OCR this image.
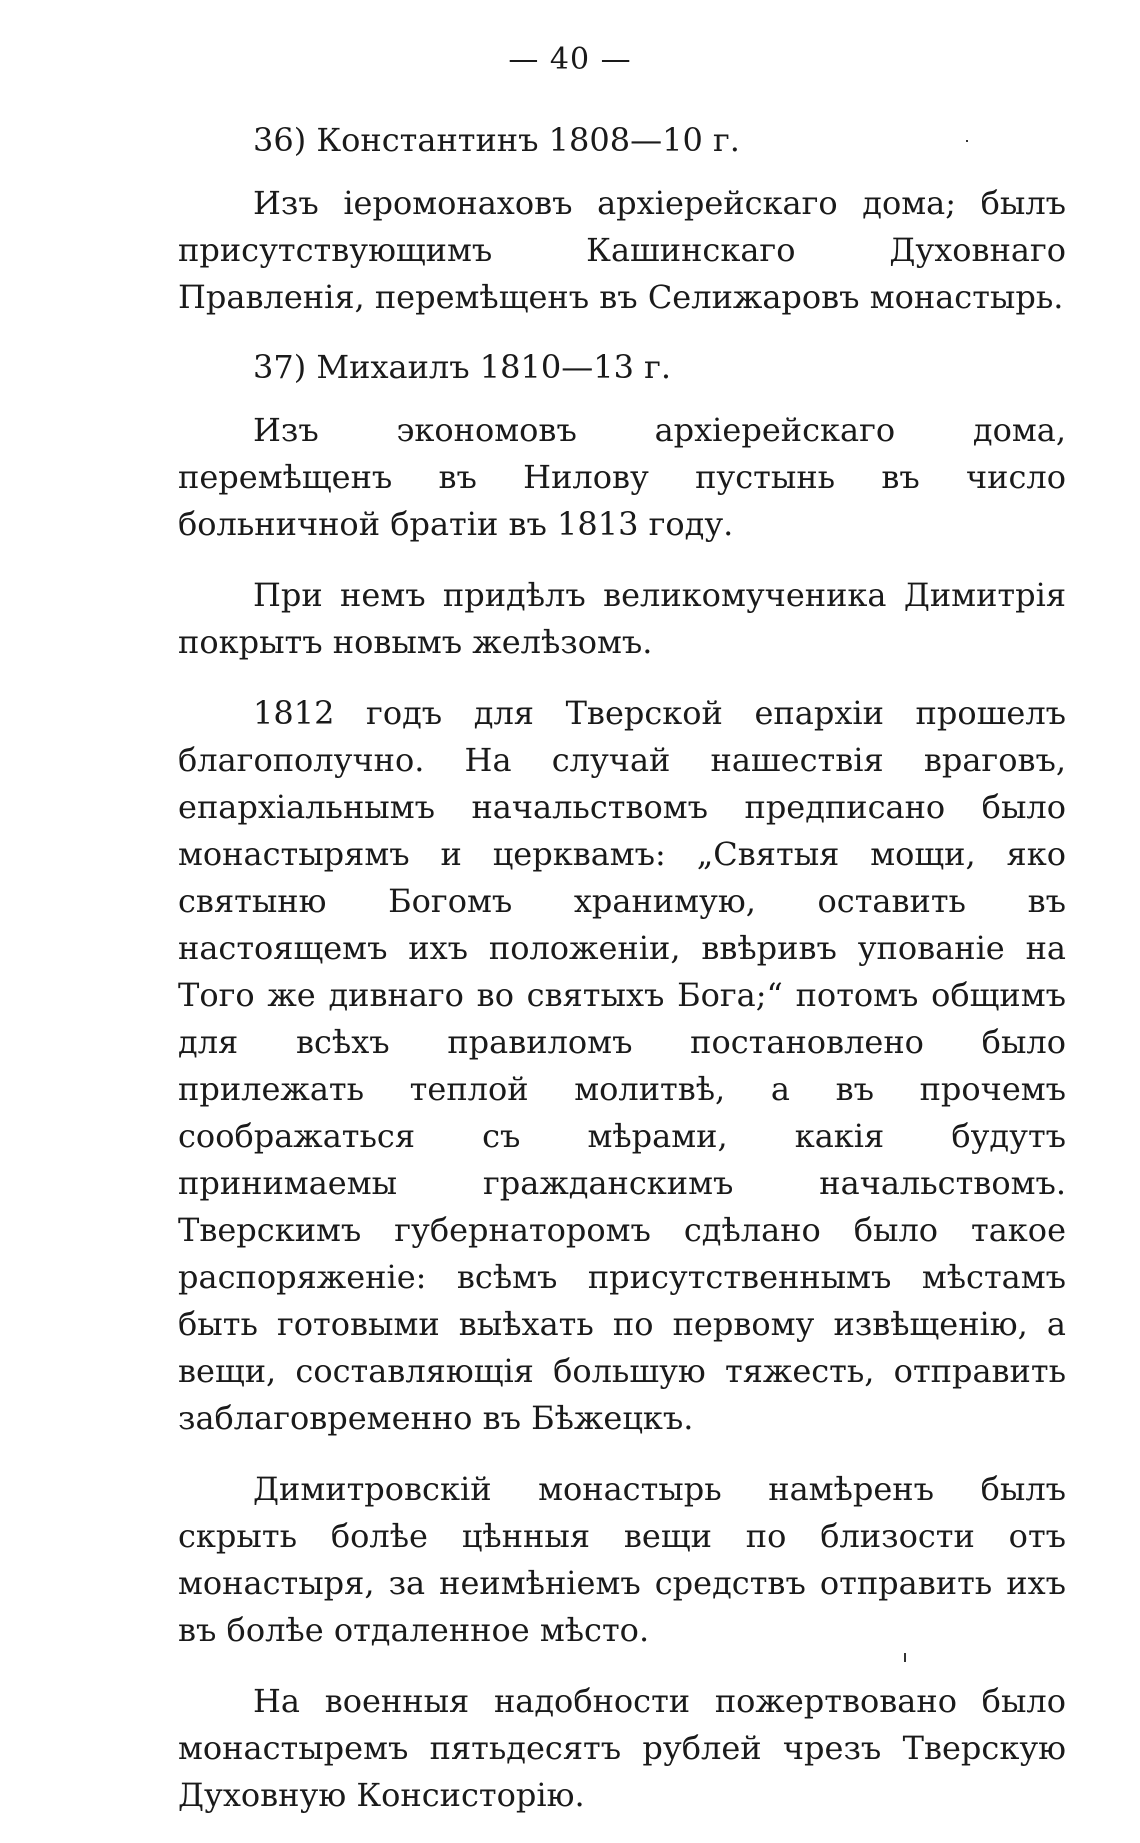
— 40 —
36) Константинъ 1808—10 г.

Изъ іеромонаховъ архіерейскаго дома; былъ присутствующимъ Кашинскаго Духовнаго Правленія, перемѣщенъ въ Селижаровъ монастырь.

37) Михаилъ 1810—13 г.

Изъ экономовъ архіерейскаго дома, перемѣщенъ въ Нилову пустынь въ число больничной братіи въ 1813 году.

При немъ придѣлъ великомученика Димитрія покрытъ новымъ желѣзомъ.

1812 годъ для Тверской епархіи прошелъ благополучно. На случай нашествія враговъ, епархіальнымъ начальствомъ предписано было монастырямъ и церквамъ: „Святыя мощи, яко святыню Богомъ хранимую, оставить въ настоящемъ ихъ положеніи, ввѣривъ упованіе на Того же дивнаго во святыхъ Бога;“ потомъ общимъ для всѣхъ правиломъ постановлено было прилежать теплой молитвѣ, а въ прочемъ соображаться съ мѣрами, какія будутъ принимаемы гражданскимъ начальствомъ. Тверскимъ губернаторомъ сдѣлано было такое распоряженіе: всѣмъ присутственнымъ мѣстамъ быть готовыми выѣхать по первому извѣщенію, а вещи, составляющія большую тяжесть, отправить заблаговременно въ Бѣжецкъ.

Димитровскій монастырь намѣренъ былъ скрыть болѣе цѣнныя вещи по близости отъ монастыря, за неимѣніемъ средствъ отправить ихъ въ болѣе отдаленное мѣсто.

На военныя надобности пожертвовано было монастыремъ пятьдесятъ рублей чрезъ Тверскую Духовную Консисторію.
